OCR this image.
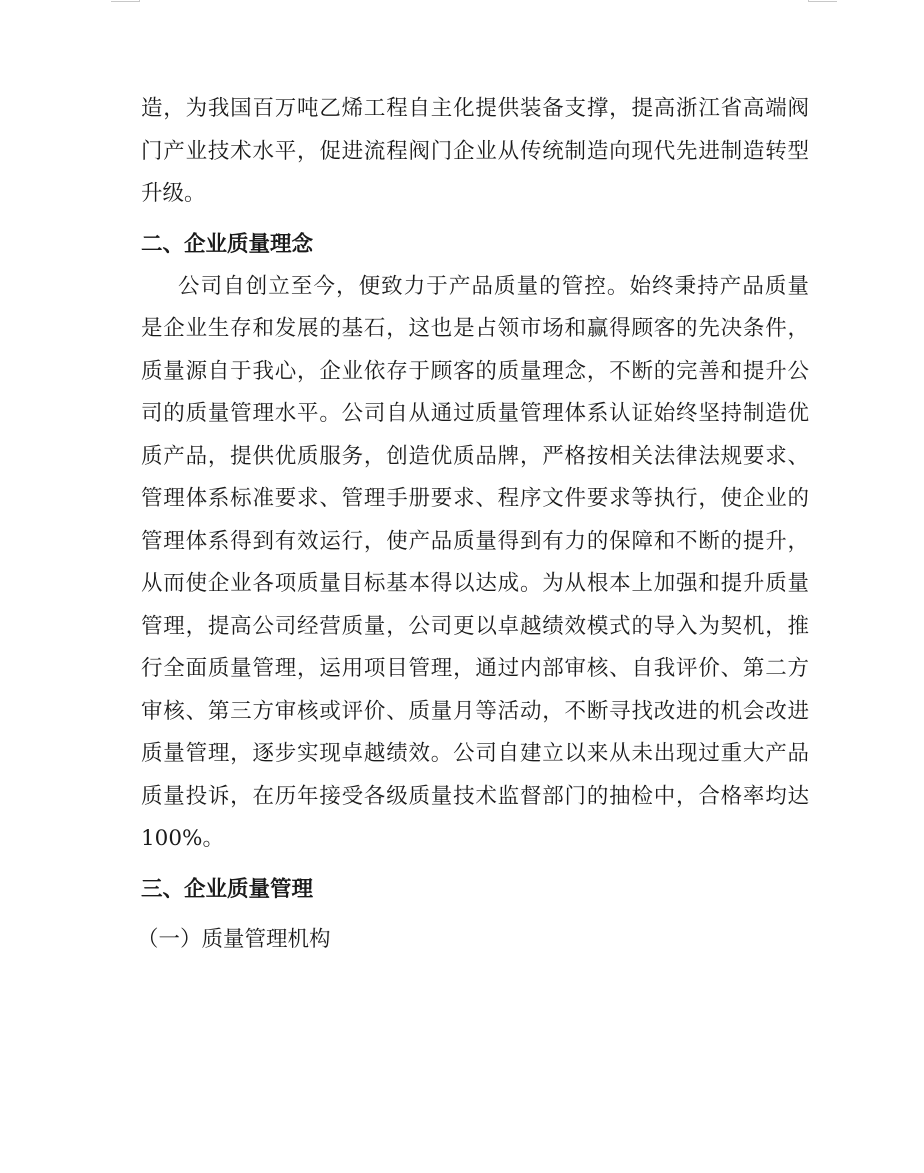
造，为我国百万吨乙烯工程自主化提供装备支撑，提高浙江省高端阀
门产业技术水平，促进流程阀门企业从传统制造向现代先进制造转型
升级。
二、企业质量理念
公司自创立至今，便致力于产品质量的管控。始终秉持产品质量
是企业生存和发展的基石，这也是占领市场和赢得顾客的先决条件，
质量源自于我心，企业依存于顾客的质量理念，不断的完善和提升公
司的质量管理水平。公司自从通过质量管理体系认证始终坚持制造优
质产品，提供优质服务，创造优质品牌，严格按相关法律法规要求、
管理体系标准要求、管理手册要求、程序文件要求等执行，使企业的
管理体系得到有效运行，使产品质量得到有力的保障和不断的提升，
从而使企业各项质量目标基本得以达成。为从根本上加强和提升质量
管理，提高公司经营质量，公司更以卓越绩效模式的导入为契机，推
行全面质量管理，运用项目管理，通过内部审核、自我评价、第二方
审核、第三方审核或评价、质量月等活动，不断寻找改进的机会改进
质量管理，逐步实现卓越绩效。公司自建立以来从未出现过重大产品
质量投诉，在历年接受各级质量技术监督部门的抽检中，合格率均达
100%。
三、企业质量管理
（一）质量管理机构
